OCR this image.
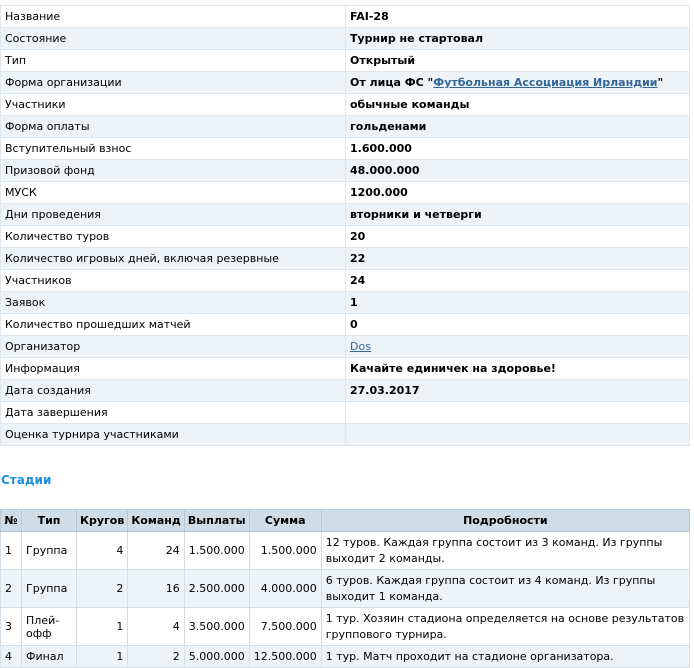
Название	FAI-28
Состояние	Турнир не стартовал
Тип	Открытый
Форма организации	От лица ФС "Футбольная Ассоциация Ирландии"
Участники	обычные команды
Форма оплаты	гольденами
Вступительный взнос	1.600.000
Призовой фонд	48.000.000
МУСК	1200.000
Дни проведения	вторники и четверги
Количество туров	20
Количество игровых дней, включая резервные	22
Участников	24
Заявок	1
Количество прошедших матчей	0
Организатор	Dos
Информация	Качайте единичек на здоровье!
Дата создания	27.03.2017
Дата завершения	
Оценка турнира участниками	
Стадии
№	Тип	Кругов	Команд	Выплаты	Сумма	Подробности
1	Группа	4	24	1.500.000	1.500.000	12 туров. Каждая группа состоит из 3 команд. Из группы выходит 2 команды.
2	Группа	2	16	2.500.000	4.000.000	6 туров. Каждая группа состоит из 4 команд. Из группы выходит 1 команда.
3	Плей-офф	1	4	3.500.000	7.500.000	1 тур. Хозяин стадиона определяется на основе результатов группового турнира.
4	Финал	1	2	5.000.000	12.500.000	1 тур. Матч проходит на стадионе организатора.
